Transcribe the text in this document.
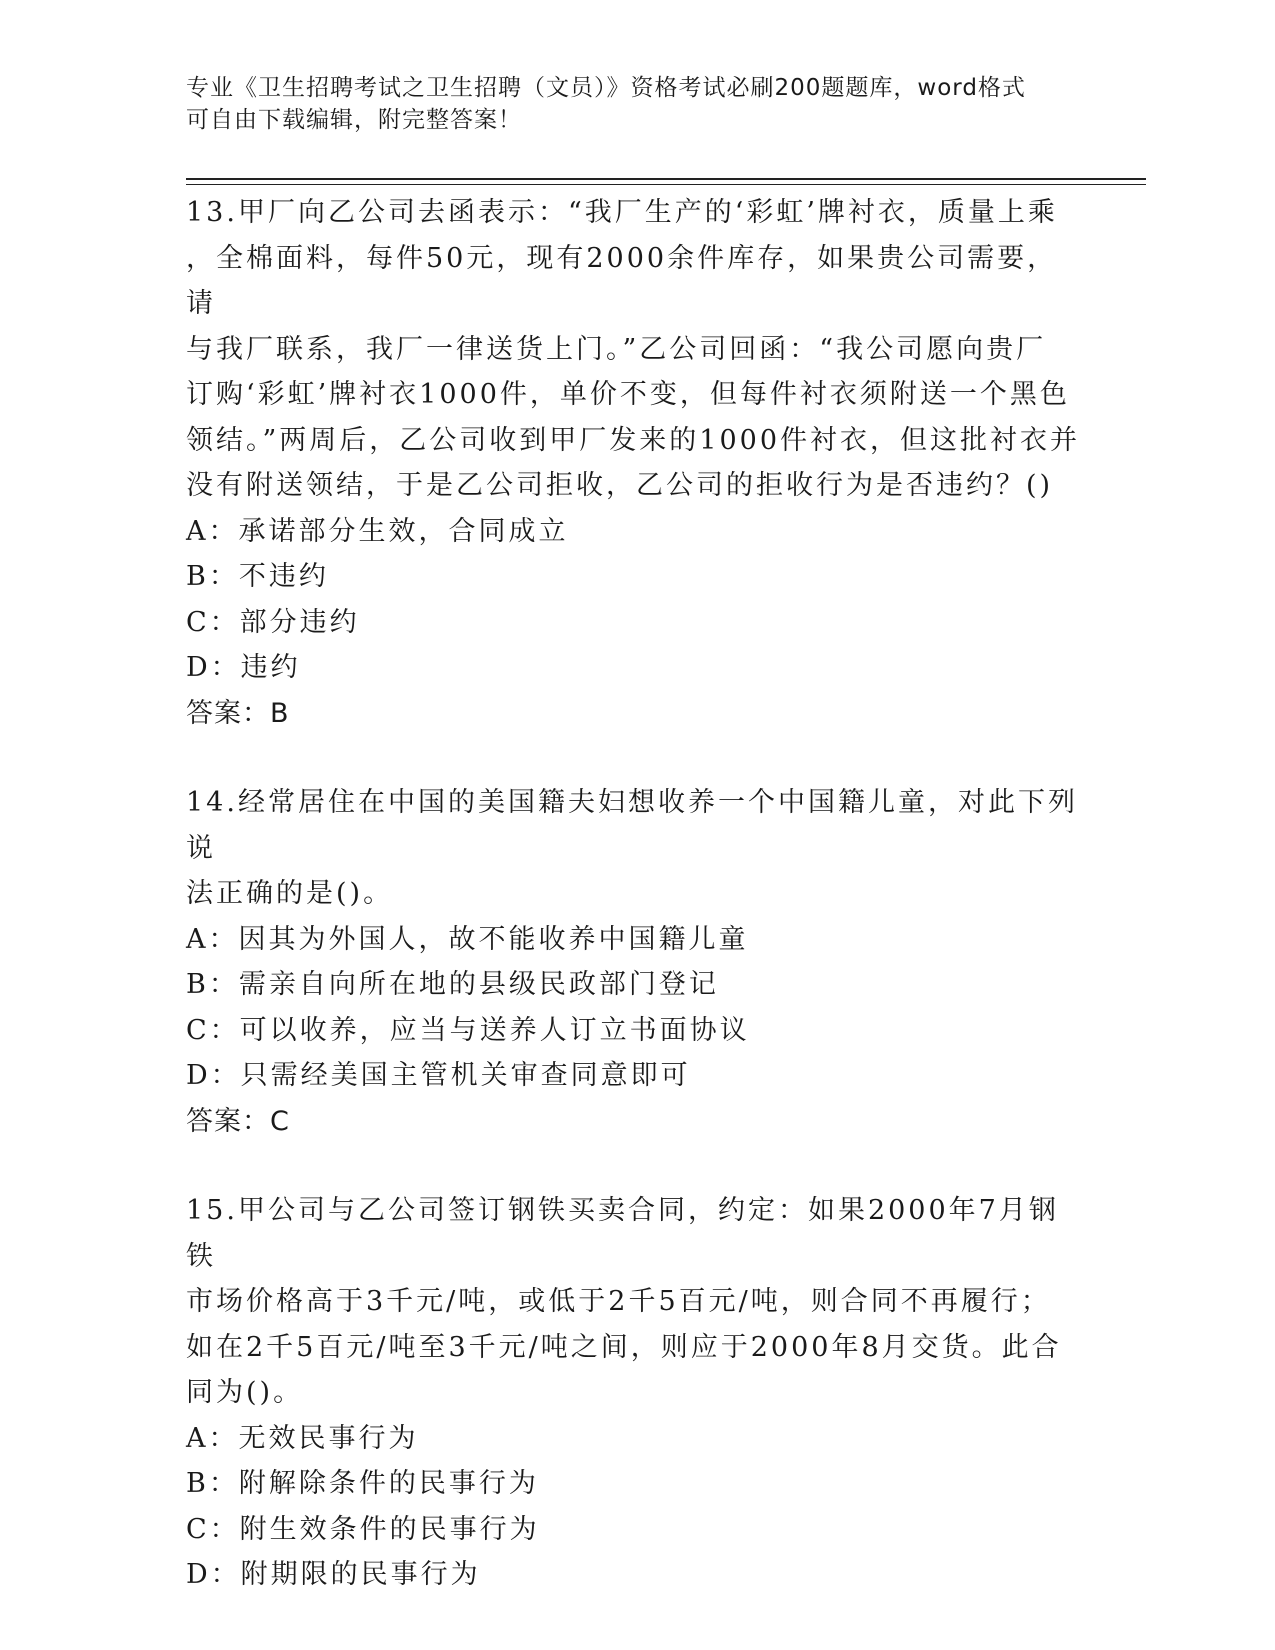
专业《卫生招聘考试之卫生招聘（文员）》资格考试必刷200题题库，word格式
可自由下载编辑，附完整答案！

13.甲厂向乙公司去函表示：“我厂生产的‘彩虹’牌衬衣，质量上乘

，全棉面料，每件50元，现有2000余件库存，如果贵公司需要，请

与我厂联系，我厂一律送货上门。”乙公司回函：“我公司愿向贵厂

订购‘彩虹’牌衬衣1000件，单价不变，但每件衬衣须附送一个黑色

领结。”两周后，乙公司收到甲厂发来的1000件衬衣，但这批衬衣并

没有附送领结，于是乙公司拒收，乙公司的拒收行为是否违约？()

A：承诺部分生效，合同成立

B：不违约

C：部分违约

D：违约

答案：B

14.经常居住在中国的美国籍夫妇想收养一个中国籍儿童，对此下列说

法正确的是()。

A：因其为外国人，故不能收养中国籍儿童

B：需亲自向所在地的县级民政部门登记

C：可以收养，应当与送养人订立书面协议

D：只需经美国主管机关审查同意即可

答案：C

15.甲公司与乙公司签订钢铁买卖合同，约定：如果2000年7月钢铁

市场价格高于3千元/吨，或低于2千5百元/吨，则合同不再履行；

如在2千5百元/吨至3千元/吨之间，则应于2000年8月交货。此合

同为()。

A：无效民事行为

B：附解除条件的民事行为

C：附生效条件的民事行为

D：附期限的民事行为
